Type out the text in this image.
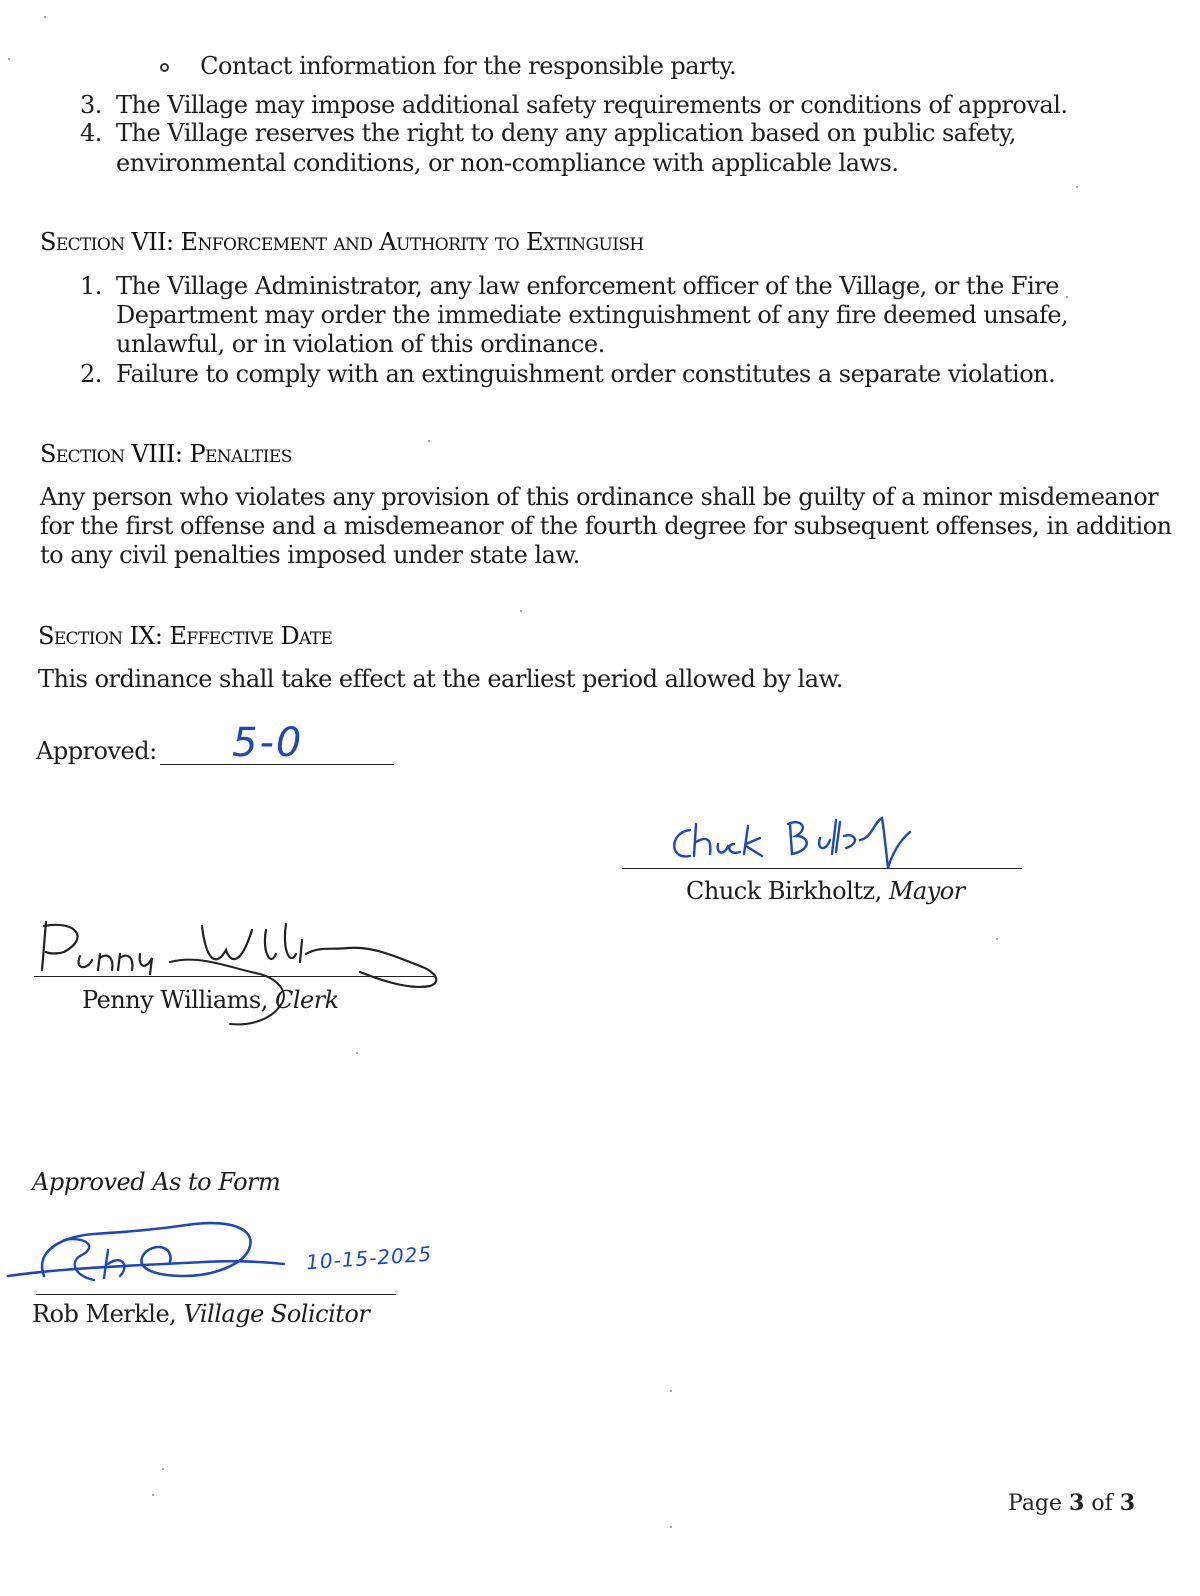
Contact information for the responsible party.
3. The Village may impose additional safety requirements or conditions of approval.
4. The Village reserves the right to deny any application based on public safety,
environmental conditions, or non-compliance with applicable laws.
Section VII: Enforcement and Authority to Extinguish
1. The Village Administrator, any law enforcement officer of the Village, or the Fire
Department may order the immediate extinguishment of any fire deemed unsafe,
unlawful, or in violation of this ordinance.
2. Failure to comply with an extinguishment order constitutes a separate violation.
Section VIII: Penalties
Any person who violates any provision of this ordinance shall be guilty of a minor misdemeanor
for the first offense and a misdemeanor of the fourth degree for subsequent offenses, in addition
to any civil penalties imposed under state law.
Section IX: Effective Date
This ordinance shall take effect at the earliest period allowed by law.
Approved: 5-0
Chuck Birkholtz, Mayor
Penny Williams, Clerk
Approved As to Form
10-15-2025
Rob Merkle, Village Solicitor
Page 3 of 3
